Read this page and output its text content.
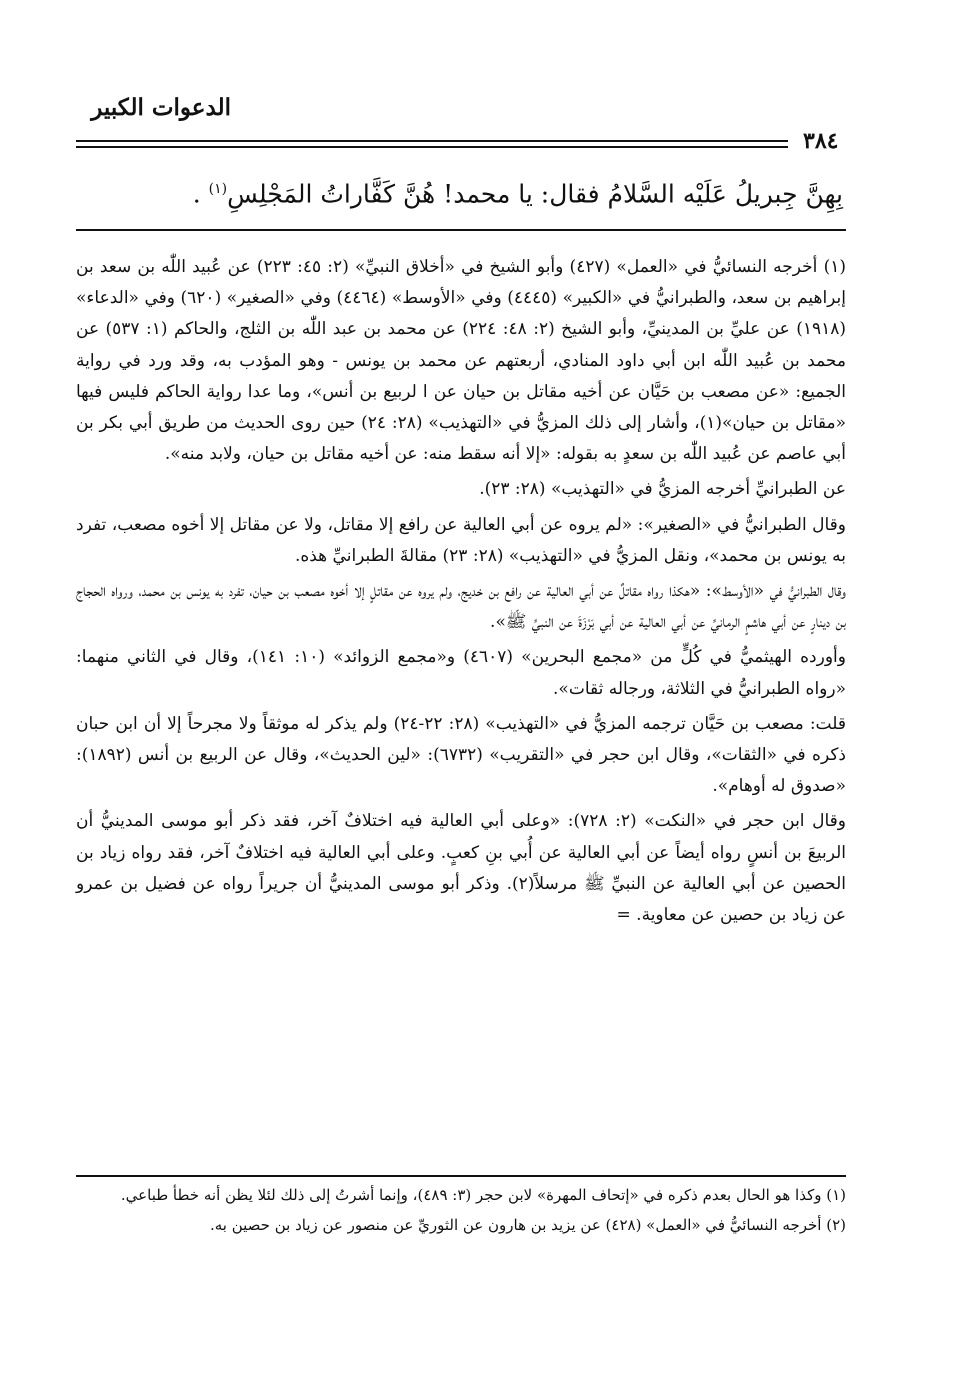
الدعوات الكبير
٣٨٤
بِهِنَّ جِبريلُ عَلَيْه السَّلامُ فقال: يا محمد! هُنَّ كَفَّاراتُ المَجْلِسِ$^{(١)}$ .
(١) أخرجه النسائيُّ في «العمل» (٤٢٧) وأبو الشيخ في «أخلاق النبيِّ» (٢: ٤٥: ٢٢٣) عن عُبيد اللّٰه بن سعد بن إبراهيم بن سعد، والطبرانيُّ في «الكبير» (٤٤٤٥) وفي «الأوسط» (٤٤٦٤) وفي «الصغير» (٦٢٠) وفي «الدعاء» (١٩١٨) عن عليِّ بن المدينيِّ، وأبو الشيخ (٢: ٤٨: ٢٢٤) عن محمد بن عبد اللّٰه بن الثلج، والحاكم (١: ٥٣٧) عن محمد بن عُبيد اللّٰه ابن أبي داود المنادي، أربعتهم عن محمد بن يونس - وهو المؤدب به، وقد ورد في رواية الجميع: «عن مصعب بن حَيَّان عن أخيه مقاتل بن حيان عن ا لربيع بن أنس»، وما عدا رواية الحاكم فليس فيها «مقاتل بن حيان»(١)، وأشار إلى ذلك المزيُّ في «التهذيب» (٢٨: ٢٤) حين روى الحديث من طريق أبي بكر بن أبي عاصم عن عُبيد اللّٰه بن سعدٍ به بقوله: «إلا أنه سقط منه: عن أخيه مقاتل بن حيان، ولابد منه».
عن الطبرانيِّ أخرجه المزيُّ في «التهذيب» (٢٨: ٢٣).
وقال الطبرانيُّ في «الصغير»: «لم يروه عن أبي العالية عن رافع إلا مقاتل، ولا عن مقاتل إلا أخوه مصعب، تفرد به يونس بن محمد»، ونقل المزيُّ في «التهذيب» (٢٨: ٢٣) مقالةَ الطبرانيِّ هذه.
وقال الطبرانيُّ في «الأوسط»: «هكذا رواه مقاتلٌ عن أبي العالية عن رافع بن خديج، ولم يروه عن مقاتلٍ إلا أخوه مصعب بن حيان، تفرد به يونس بن محمد، ورواه الحجاج بن دينارٍ عن أبي هاشمٍ الرمانيِّ عن أبي العالية عن أبي بَرْزَةَ عن النبيِّ ﷺ».
وأورده الهيثميُّ في كُلٍّ من «مجمع البحرين» (٤٦٠٧) و«مجمع الزوائد» (١٠: ١٤١)، وقال في الثاني منهما: «رواه الطبرانيُّ في الثلاثة، ورجاله ثقات».
قلت: مصعب بن حَيَّان ترجمه المزيُّ في «التهذيب» (٢٨: ٢٢-٢٤) ولم يذكر له موثقاً ولا مجرحاً إلا أن ابن حبان ذكره في «الثقات»، وقال ابن حجر في «التقريب» (٦٧٣٢): «لين الحديث»، وقال عن الربيع بن أنس (١٨٩٢): «صدوق له أوهام».
وقال ابن حجر في «النكت» (٢: ٧٢٨): «وعلى أبي العالية فيه اختلافٌ آخر، فقد ذكر أبو موسى المدينيُّ أن الربيعَ بن أنسٍ رواه أيضاً عن أبي العالية عن أُبي بنِ كعبٍ. وعلى أبي العالية فيه اختلافٌ آخر، فقد رواه زياد بن الحصين عن أبي العالية عن النبيِّ ﷺ مرسلاً(٢). وذكر أبو موسى المدينيُّ أن جريراً رواه عن فضيل بن عمرو عن زياد بن حصين عن معاوية. =
(١) وكذا هو الحال بعدم ذكره في «إتحاف المهرة» لابن حجر (٣: ٤٨٩)، وإنما أشرتُ إلى ذلك لئلا يظن أنه خطأ طباعي.
(٢) أخرجه النسائيُّ في «العمل» (٤٢٨) عن يزيد بن هارون عن الثوريِّ عن منصور عن زياد بن حصين به.
